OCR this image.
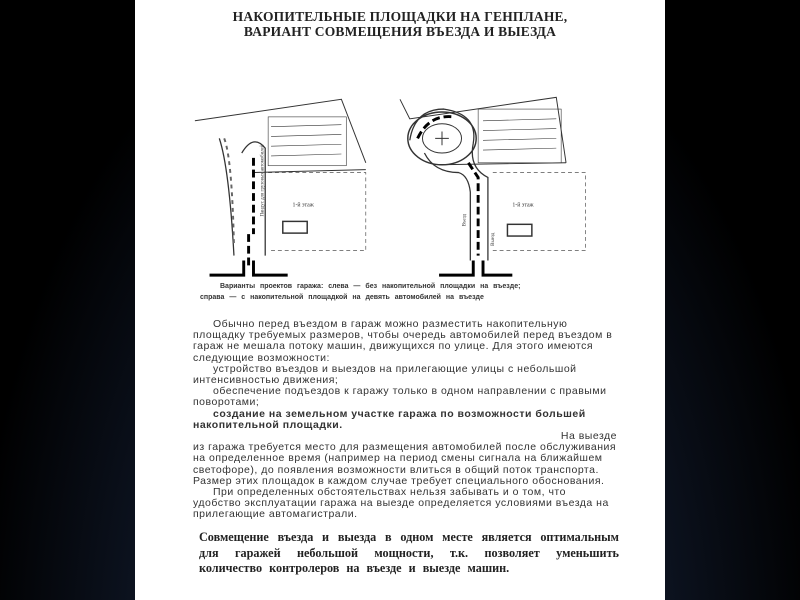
НАКОПИТЕЛЬНЫЕ ПЛОЩАДКИ НА ГЕНПЛАНЕ,
ВАРИАНТ СОВМЕЩЕНИЯ ВЪЕЗДА И ВЫЕЗДА
1-й этаж
Пандус для грузовых автомобилей	1-й этаж
Въезд
Выезд
Варианты проектов гаража: слева — без накопительной площадки на въезде;
справа — с накопительной площадкой на девять автомобилей на въезде

Обычно перед въездом в гараж можно разместить накопительную площадку требуемых размеров, чтобы очередь автомобилей перед въездом в гараж не мешала потоку машин, движущихся по улице. Для этого имеются следующие возможности:

устройство въездов и выездов на прилегающие улицы с небольшой интенсивностью движения;

обеспечение подъездов к гаражу только в одном направлении с правыми поворотами;

создание на земельном участке гаража по возможности большей накопительной площадки.

На выезде

из гаража требуется место для размещения автомобилей после обслуживания на определенное время (например на период смены сигнала на ближайшем светофоре), до появления возможности влиться в общий поток транспорта. Размер этих площадок в каждом случае требует специального обоснования.

При определенных обстоятельствах нельзя забывать и о том, что удобство эксплуатации гаража на выезде определяется условиями въезда на прилегающие автомагистрали.

Совмещение въезда и выезда в одном месте является оптимальным для гаражей небольшой мощности, т.к. позволяет уменьшить количество контролеров на въезде и выезде машин.
